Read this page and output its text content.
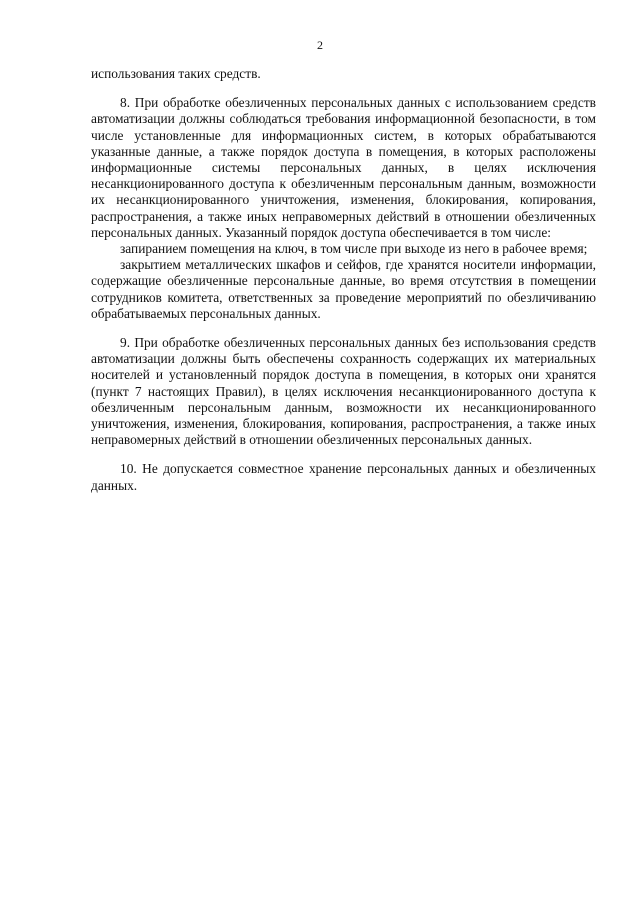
2

использования таких средств.

8. При обработке обезличенных персональных данных с использованием средств автоматизации должны соблюдаться требования информационной безопасности, в том числе установленные для информационных систем, в которых обрабатываются указанные данные, а также порядок доступа в помещения, в которых расположены информационные системы персональных данных, в целях исключения несанкционированного доступа к обезличенным персональным данным, возможности их несанкционированного уничтожения, изменения, блокирования, копирования, распространения, а также иных неправомерных действий в отношении обезличенных персональных данных. Указанный порядок доступа обеспечивается в том числе:

запиранием помещения на ключ, в том числе при выходе из него в рабочее время;

закрытием металлических шкафов и сейфов, где хранятся носители информации, содержащие обезличенные персональные данные, во время отсутствия в помещении сотрудников комитета, ответственных за проведение мероприятий по обезличиванию обрабатываемых персональных данных.

9. При обработке обезличенных персональных данных без использования средств автоматизации должны быть обеспечены сохранность содержащих их материальных носителей и установленный порядок доступа в помещения, в которых они хранятся (пункт 7 настоящих Правил), в целях исключения несанкционированного доступа к обезличенным персональным данным, возможности их несанкционированного уничтожения, изменения, блокирования, копирования, распространения, а также иных неправомерных действий в отношении обезличенных персональных данных.

10. Не допускается совместное хранение персональных данных и обезличенных данных.
